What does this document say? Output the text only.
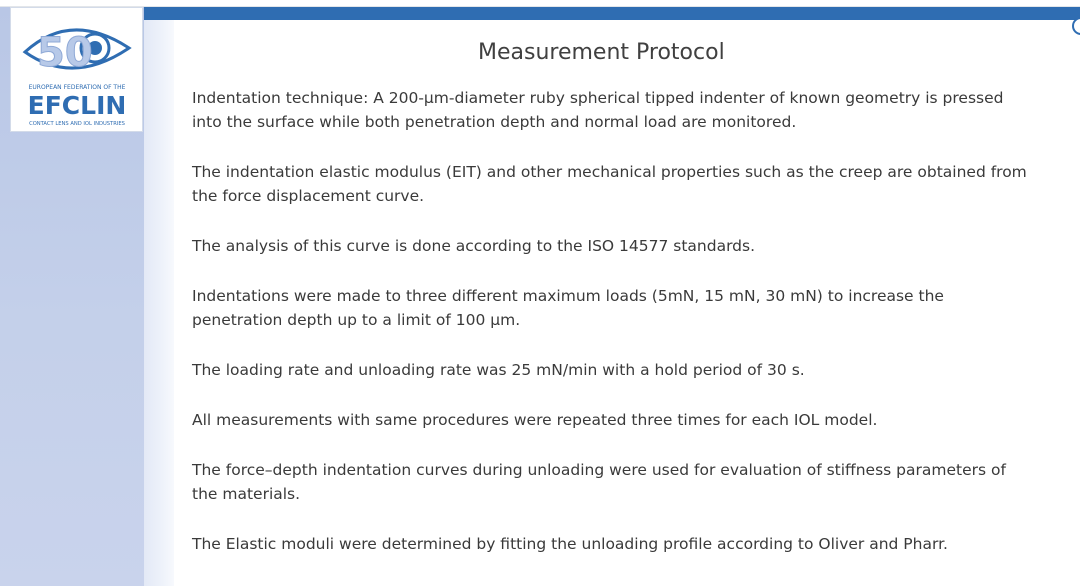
50
EUROPEAN FEDERATION OF THE
EFCLIN
CONTACT LENS AND IOL INDUSTRIES
Measurement Protocol

Indentation technique: A 200-µm-diameter ruby spherical tipped indenter of known geometry is pressed into the surface while both penetration depth and normal load are monitored.

The indentation elastic modulus (EIT) and other mechanical properties such as the creep are obtained from the force displacement curve.

The analysis of this curve is done according to the ISO 14577 standards.

Indentations were made to three different maximum loads (5mN, 15 mN, 30 mN) to increase the penetration depth up to a limit of 100 µm.

The loading rate and unloading rate was 25 mN/min with a hold period of 30 s.

All measurements with same procedures were repeated three times for each IOL model.

The force–depth indentation curves during unloading were used for evaluation of stiffness parameters of the materials.

The Elastic moduli were determined by fitting the unloading profile according to Oliver and Pharr.
